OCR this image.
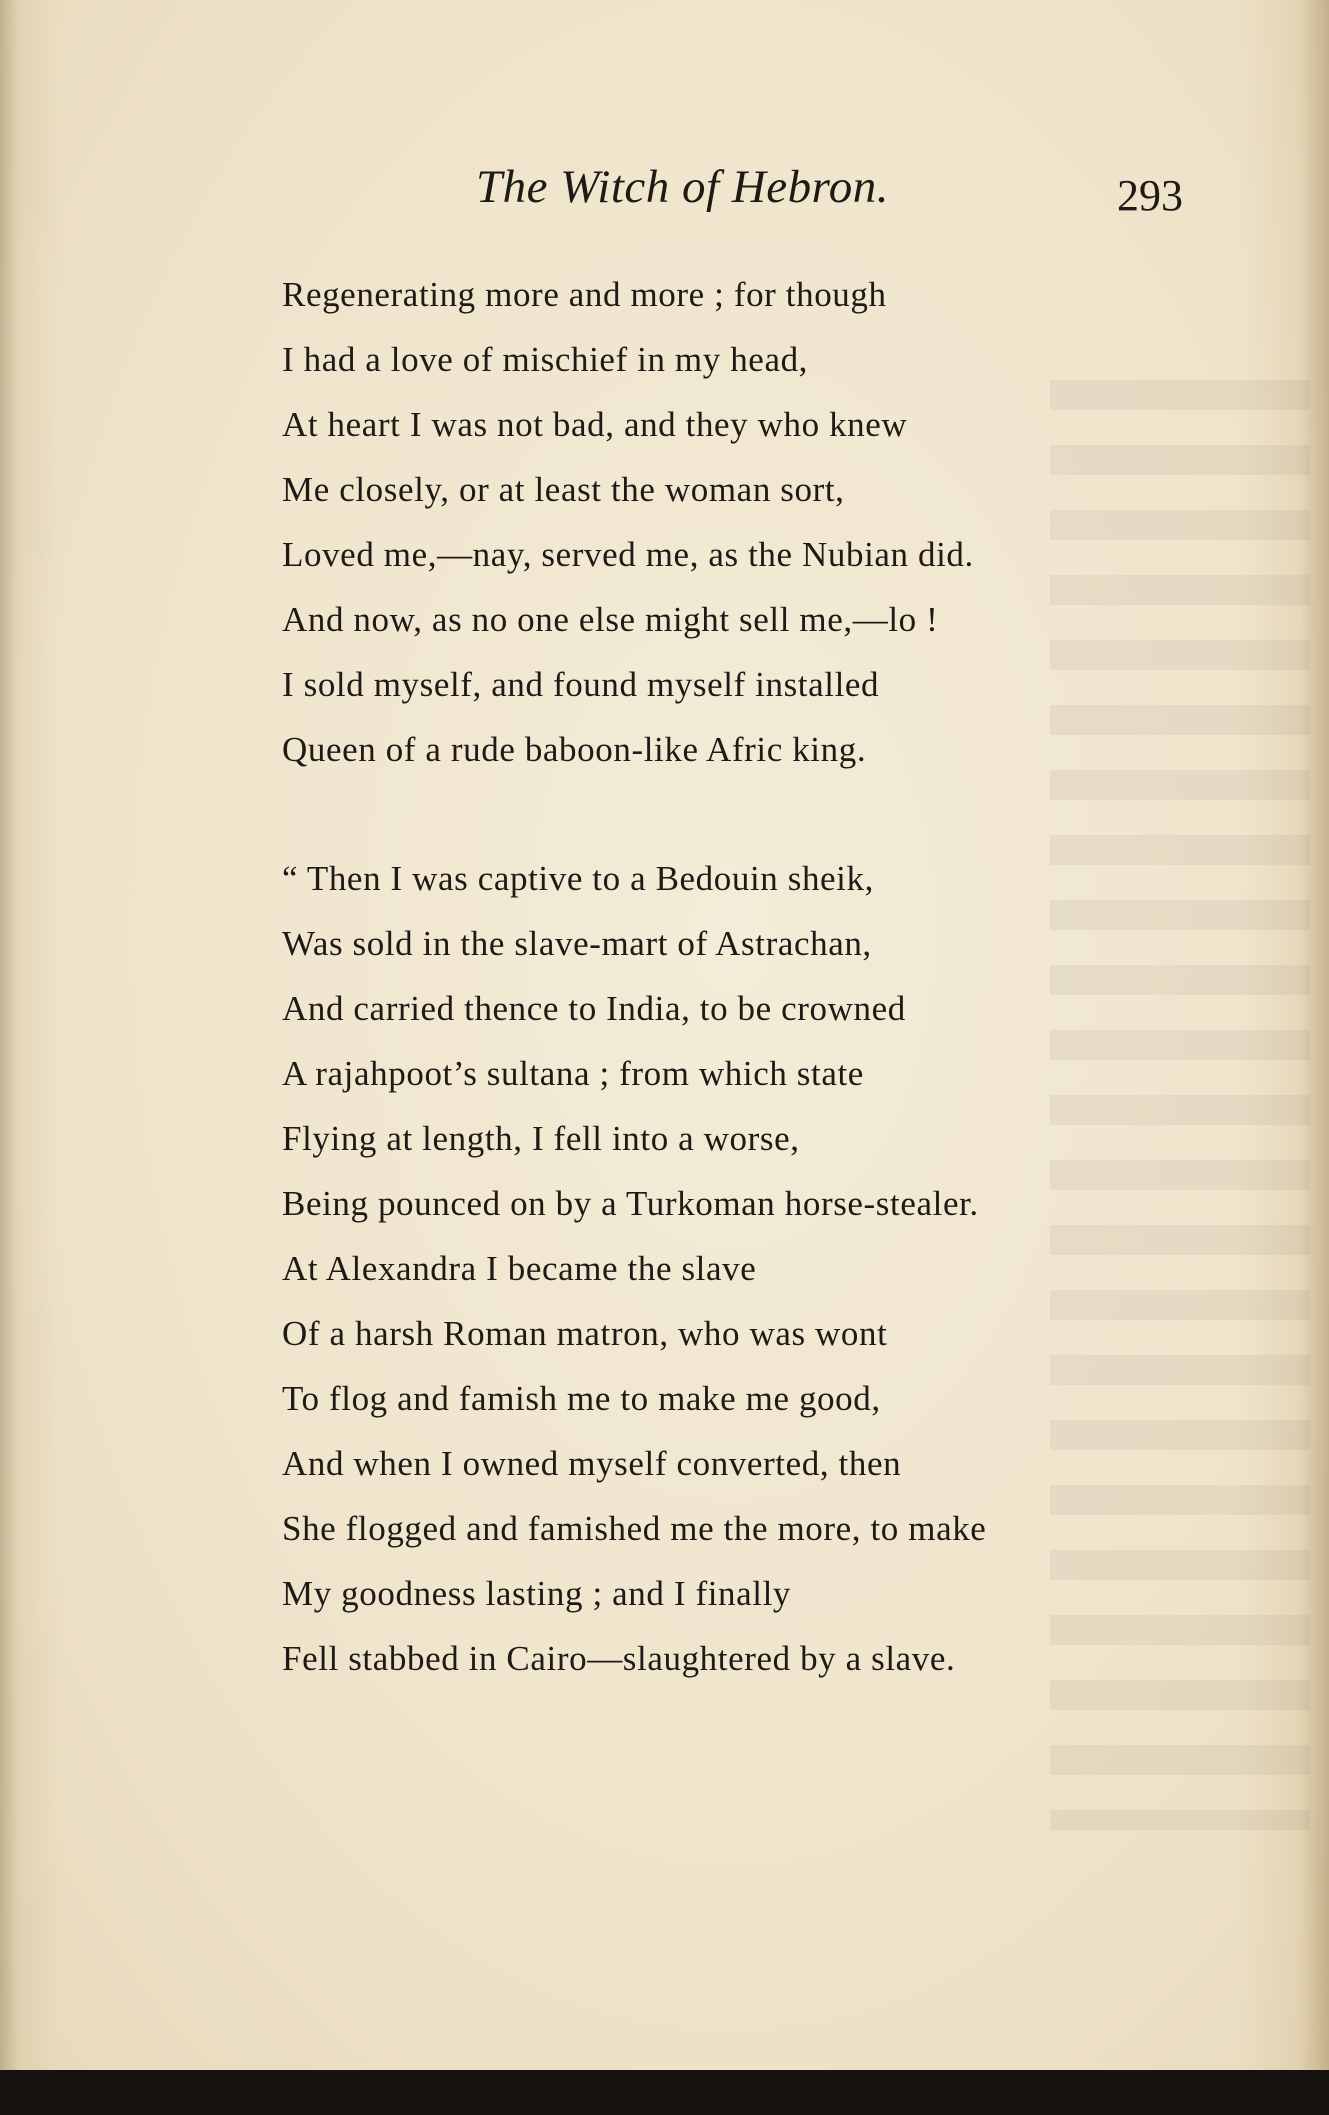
The Witch of Hebron.	293
Regenerating more and more ; for though
I had a love of mischief in my head,
At heart I was not bad, and they who knew
Me closely, or at least the woman sort,
Loved me,—nay, served me, as the Nubian did.
And now, as no one else might sell me,—lo !
I sold myself, and found myself installed
Queen of a rude baboon-like Afric king.
“ Then I was captive to a Bedouin sheik,
Was sold in the slave-mart of Astrachan,
And carried thence to India, to be crowned
A rajahpoot’s sultana ; from which state
Flying at length, I fell into a worse,
Being pounced on by a Turkoman horse-stealer.
At Alexandra I became the slave
Of a harsh Roman matron, who was wont
To flog and famish me to make me good,
And when I owned myself converted, then
She flogged and famished me the more, to make
My goodness lasting ; and I finally
Fell stabbed in Cairo—slaughtered by a slave.
